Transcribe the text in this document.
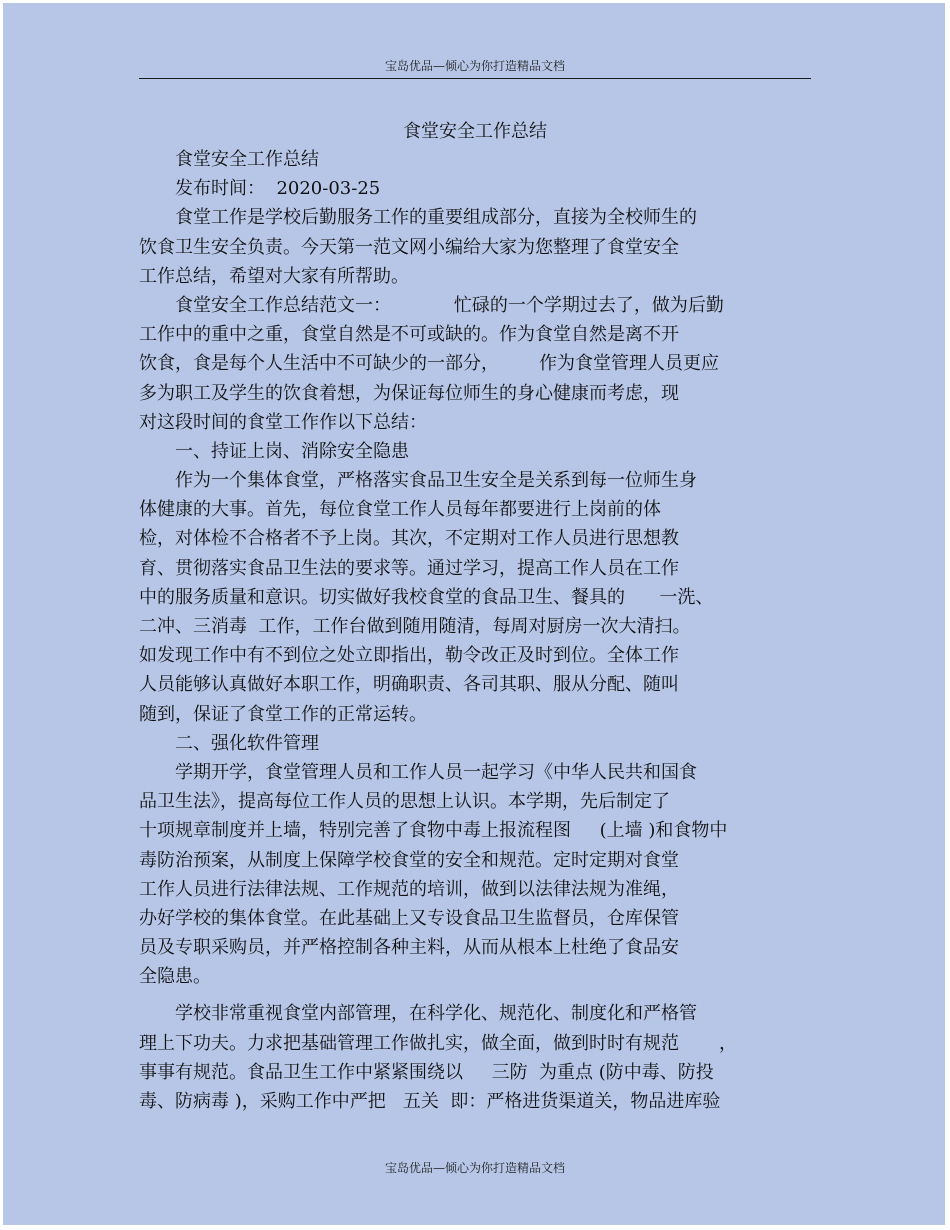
宝岛优品—倾心为你打造精品文档
食堂安全工作总结
食堂安全工作总结
发布时间：  2020-03-25
食堂工作是学校后勤服务工作的重要组成部分，直接为全校师生的
饮食卫生安全负责。今天第一范文网小编给大家为您整理了食堂安全
工作总结，希望对大家有所帮助。
食堂安全工作总结范文一：           忙碌的一个学期过去了，做为后勤
工作中的重中之重，食堂自然是不可或缺的。作为食堂自然是离不开
饮食，食是每个人生活中不可缺少的一部分，       作为食堂管理人员更应
多为职工及学生的饮食着想，为保证每位师生的身心健康而考虑，现
对这段时间的食堂工作作以下总结：
一、持证上岗、消除安全隐患
作为一个集体食堂，严格落实食品卫生安全是关系到每一位师生身
体健康的大事。首先，每位食堂工作人员每年都要进行上岗前的体
检，对体检不合格者不予上岗。其次，不定期对工作人员进行思想教
育、贯彻落实食品卫生法的要求等。通过学习，提高工作人员在工作
中的服务质量和意识。切实做好我校食堂的食品卫生、餐具的      一洗、
二冲、三消毒  工作，工作台做到随用随清，每周对厨房一次大清扫。
如发现工作中有不到位之处立即指出，勒令改正及时到位。全体工作
人员能够认真做好本职工作，明确职责、各司其职、服从分配、随叫
随到，保证了食堂工作的正常运转。
二、强化软件管理
学期开学，食堂管理人员和工作人员一起学习《中华人民共和国食
品卫生法》，提高每位工作人员的思想上认识。本学期，先后制定了
十项规章制度并上墙，特别完善了食物中毒上报流程图     (上墙 )和食物中
毒防治预案，从制度上保障学校食堂的安全和规范。定时定期对食堂
工作人员进行法律法规、工作规范的培训，做到以法律法规为准绳，
办好学校的集体食堂。在此基础上又专设食品卫生监督员，仓库保管
员及专职采购员，并严格控制各种主料，从而从根本上杜绝了食品安
全隐患。
学校非常重视食堂内部管理，在科学化、规范化、制度化和严格管
理上下功夫。力求把基础管理工作做扎实，做全面，做到时时有规范       ，
事事有规范。食品卫生工作中紧紧围绕以     三防  为重点 (防中毒、防投
毒、防病毒 )，采购工作中严把   五关  即：严格进货渠道关，物品进库验
宝岛优品—倾心为你打造精品文档
